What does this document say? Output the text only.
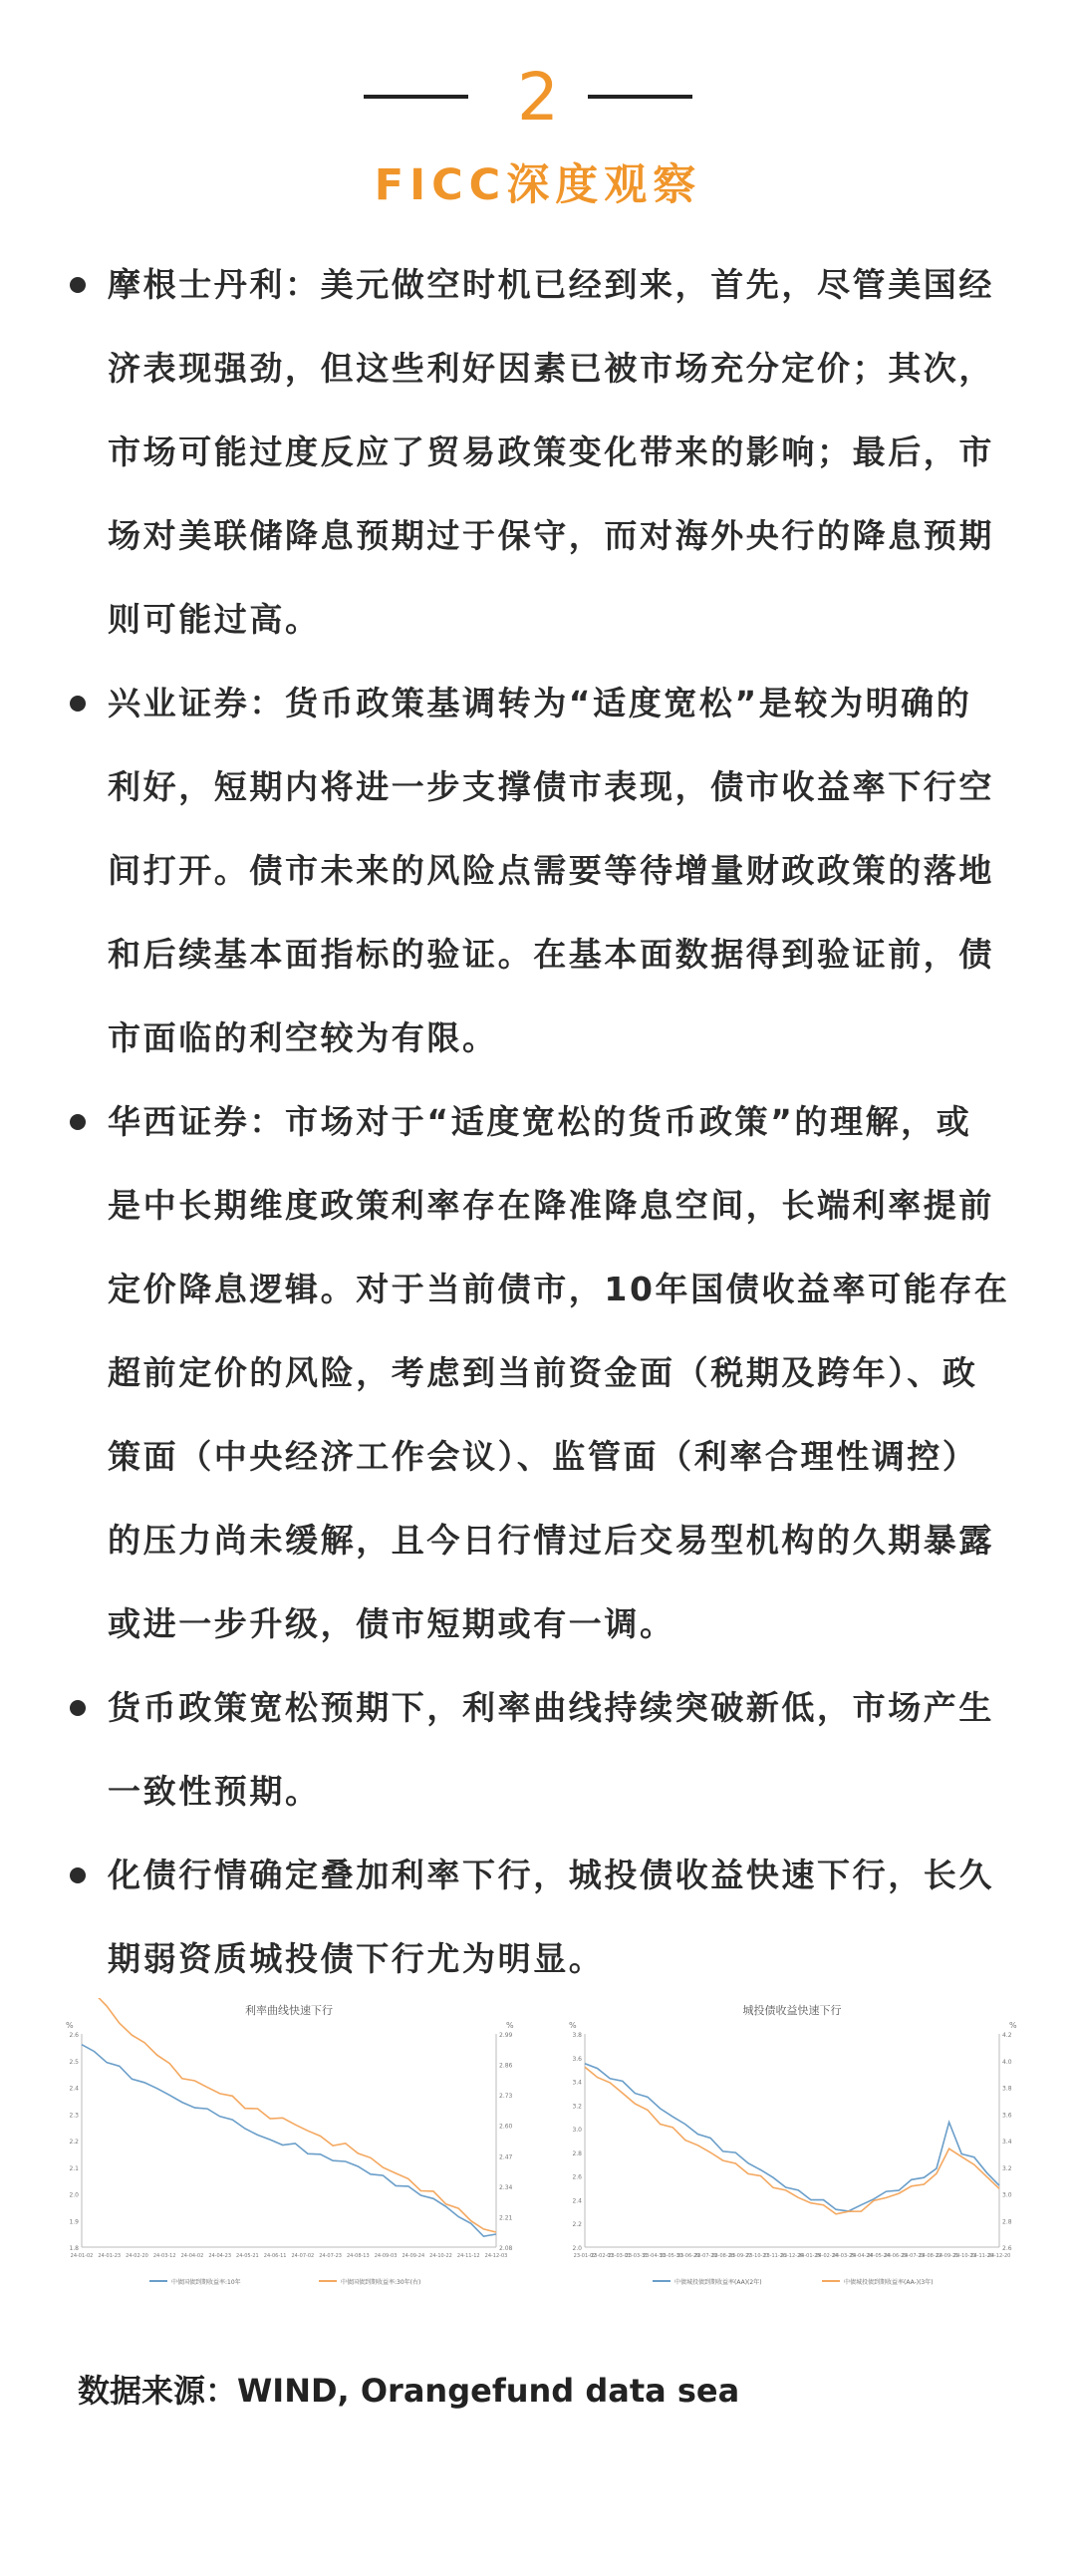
2
FICC深度观察
摩根士丹利：美元做空时机已经到来，首先，尽管美国经
济表现强劲，但这些利好因素已被市场充分定价；其次，
市场可能过度反应了贸易政策变化带来的影响；最后，市
场对美联储降息预期过于保守，而对海外央行的降息预期
则可能过高。
兴业证券：货币政策基调转为“适度宽松”是较为明确的
利好，短期内将进一步支撑债市表现，债市收益率下行空
间打开。债市未来的风险点需要等待增量财政政策的落地
和后续基本面指标的验证。在基本面数据得到验证前，债
市面临的利空较为有限。
华西证券：市场对于“适度宽松的货币政策”的理解，或
是中长期维度政策利率存在降准降息空间，长端利率提前
定价降息逻辑。对于当前债市，10年国债收益率可能存在
超前定价的风险，考虑到当前资金面（税期及跨年）、政
策面（中央经济工作会议）、监管面（利率合理性调控）
的压力尚未缓解，且今日行情过后交易型机构的久期暴露
或进一步升级，债市短期或有一调。
货币政策宽松预期下，利率曲线持续突破新低，市场产生
一致性预期。
化债行情确定叠加利率下行，城投债收益快速下行，长久
期弱资质城投债下行尤为明显。
利率曲线快速下行
%	%
2.6
2.5
2.4
2.3
2.2
2.1
2.0
1.9
1.8
2.99
2.86
2.73
2.60
2.47
2.34
2.21
2.08
24-01-02 24-01-23 24-02-20 24-03-12 24-04-02 24-04-23 24-05-21 24-06-11 24-07-02 24-07-23 24-08-13 24-09-03 24-09-24 24-10-22 24-11-12 24-12-03
中债国债到期收益率:10年	中债国债到期收益率:30年(右)
城投债收益快速下行
%	%
3.8
3.6
3.4
3.2
3.0
2.8
2.6
2.4
2.2
2.0
4.2
4.0
3.8
3.6
3.4
3.2
3.0
2.8
2.6
23-01-02
23-02-01
23-03-01
23-03-31
23-04-30
23-05-30
23-06-29
23-07-29
23-08-28
23-09-27
23-10-27
23-11-26
23-12-26
24-01-25
24-02-24
24-03-25
24-04-24
24-05-24
24-06-23
24-07-23
24-08-22
24-09-21
24-10-21
24-11-20
24-12-20
中债城投债到期收益率(AA)(2年)	中债城投债到期收益率(AA-)(3年)
数据来源：WIND, Orangefund data sea
